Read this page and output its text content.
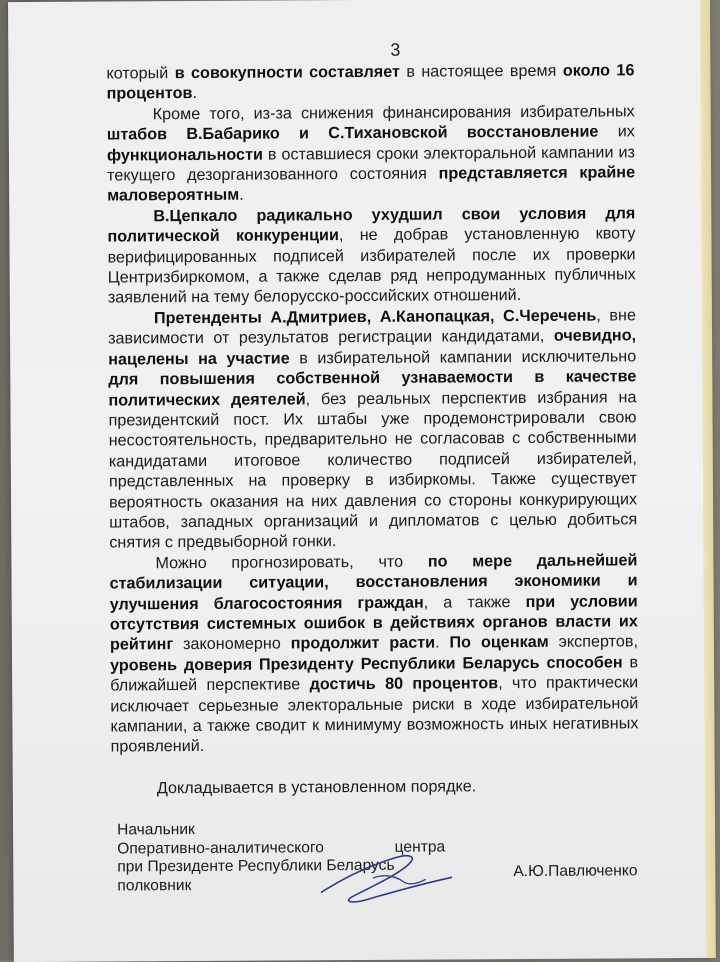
3

который в совокупности составляет в настоящее время около 16 процентов.

Кроме того, из-за снижения финансирования избирательных штабов В.Бабарико и С.Тихановской восстановление их функциональности в оставшиеся сроки электоральной кампании из текущего дезорганизованного состояния представляется крайне маловероятным.

В.Цепкало радикально ухудшил свои условия для политической конкуренции, не добрав установленную квоту верифицированных подписей избирателей после их проверки Центризбиркомом, а также сделав ряд непродуманных публичных заявлений на тему белорусско-российских отношений.

Претенденты А.Дмитриев, А.Канопацкая, С.Черечень, вне зависимости от результатов регистрации кандидатами, очевидно, нацелены на участие в избирательной кампании исключительно для повышения собственной узнаваемости в качестве политических деятелей, без реальных перспектив избрания на президентский пост. Их штабы уже продемонстрировали свою несостоятельность, предварительно не согласовав с собственными кандидатами итоговое количество подписей избирателей, представленных на проверку в избиркомы. Также существует вероятность оказания на них давления со стороны конкурирующих штабов, западных организаций и дипломатов с целью добиться снятия с предвыборной гонки.

Можно прогнозировать, что по мере дальнейшей стабилизации ситуации, восстановления экономики и улучшения благосостояния граждан, а также при условии отсутствия системных ошибок в действиях органов власти их рейтинг закономерно продолжит расти. По оценкам экспертов, уровень доверия Президенту Республики Беларусь способен в ближайшей перспективе достичь 80 процентов, что практически исключает серьезные электоральные риски в ходе избирательной кампании, а также сводит к минимуму возможность иных негативных проявлений.

Докладывается в установленном порядке.
Начальник
Оперативно-аналитического	центра
при Президенте Республики Беларусь
полковник
А.Ю.Павлюченко
